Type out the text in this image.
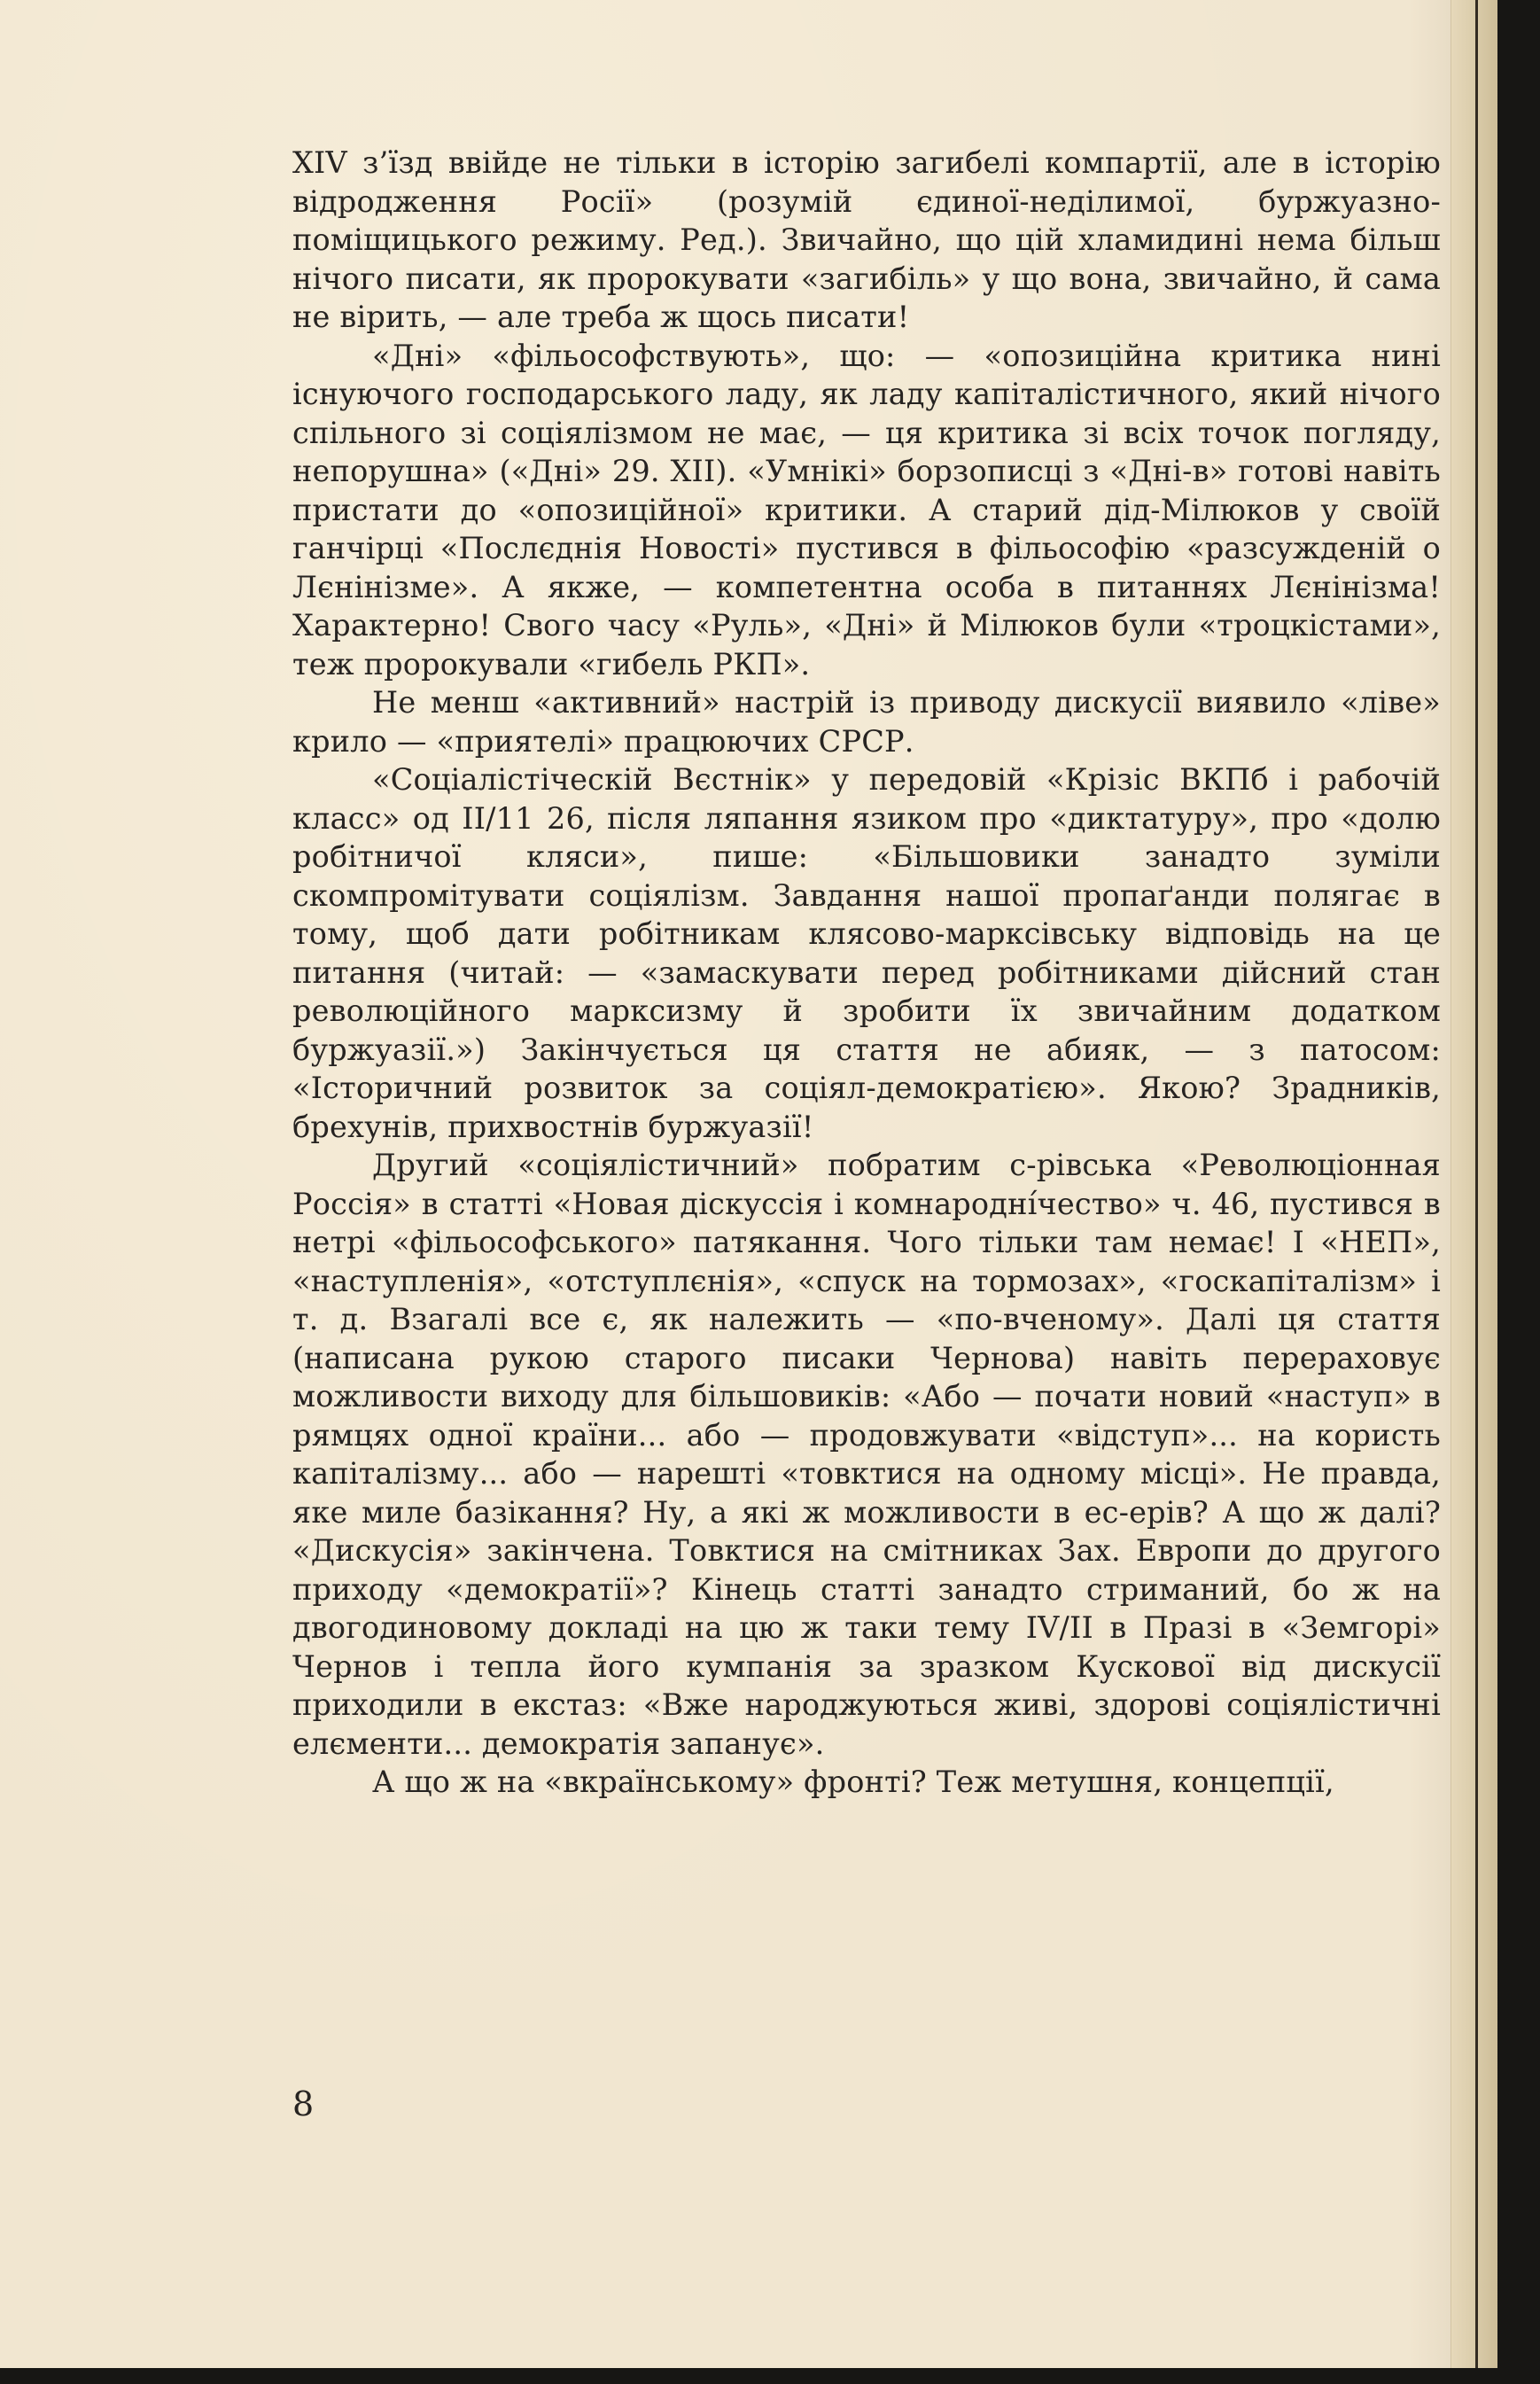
XIV з’їзд ввійде не тільки в історію загибелі компартії, але в історію відродження Росії» (розумій єдиної-неділимої, буржуазно-поміщицького режиму. Ред.). Звичайно, що цій хламидині нема більш нічого писати, як пророкувати «загибіль» у що вона, звичайно, й сама не вірить, — але треба ж щось писати!

«Дні» «фільософствують», що: — «опозиційна критика нині існуючого господарського ладу, як ладу капіталістичного, який нічого спільного зі соціялізмом не має, — ця критика зі всіх точок погляду, непорушна» («Дні» 29. XII). «Умнікі» борзописці з «Дні-в» готові навіть пристати до «опозиційної» критики. А старий дід-Мілюков у своїй ганчірці «Послєднія Новості» пустився в фільософію «разсужденій о Лєнінізме». А якже, — компетентна особа в питаннях Лєнінізма! Характерно! Свого часу «Руль», «Дні» й Мілюков були «троцкістами», теж пророкували «гибель РКП».

Не менш «активний» настрій із приводу дискусії виявило «ліве» крило — «приятелі» працюючих СРСР.

«Соціалістіческій Вєстнік» у передовій «Крізіс ВКПб і рабочій класс» од II/11 26, після ляпання язиком про «диктатуру», про «долю робітничої кляси», пише: «Більшовики занадто зуміли скомпромітувати соціялізм. Завдання нашої пропаґанди полягає в тому, щоб дати робітникам клясово-марксівську відповідь на це питання (читай: — «замаскувати перед робітниками дійсний стан революційного марксизму й зробити їх звичайним додатком буржуазії.») Закінчується ця стаття не абияк, — з патосом: «Історичний розвиток за соціял-демократією». Якою? Зрадників, брехунів, прихвостнів буржуазії!

Другий «соціялістичний» побратим с-рівська «Революціонная Россія» в статті «Новая діскуссія і комнародні́чество» ч. 46, пустився в нетрі «фільософського» патякання. Чого тільки там немає! І «НЕП», «наступленія», «отступлєнія», «спуск на тормозах», «госкапіталізм» і т. д. Взагалі все є, як належить — «по-вченому». Далі ця стаття (написана рукою старого писаки Чернова) навіть перераховує можливости виходу для більшовиків: «Або — почати новий «наступ» в рямцях одної країни... або — продовжувати «відступ»... на користь капіталізму... або — нарешті «товктися на одному місці». Не правда, яке миле базікання? Ну, а які ж можливости в ес-ерів? А що ж далі? «Дискусія» закінчена. Товктися на смітниках Зах. Европи до другого приходу «демократії»? Кінець статті занадто стриманий, бо ж на двогодиновому докладі на цю ж таки тему IV/II в Празі в «Земгорі» Чернов і тепла його кумпанія за зразком Кускової від дискусії приходили в екстаз: «Вже народжуються живі, здорові соціялістичні елєменти... демократія запанує».

А що ж на «вкраїнському» фронті? Теж метушня, концепції,

8
